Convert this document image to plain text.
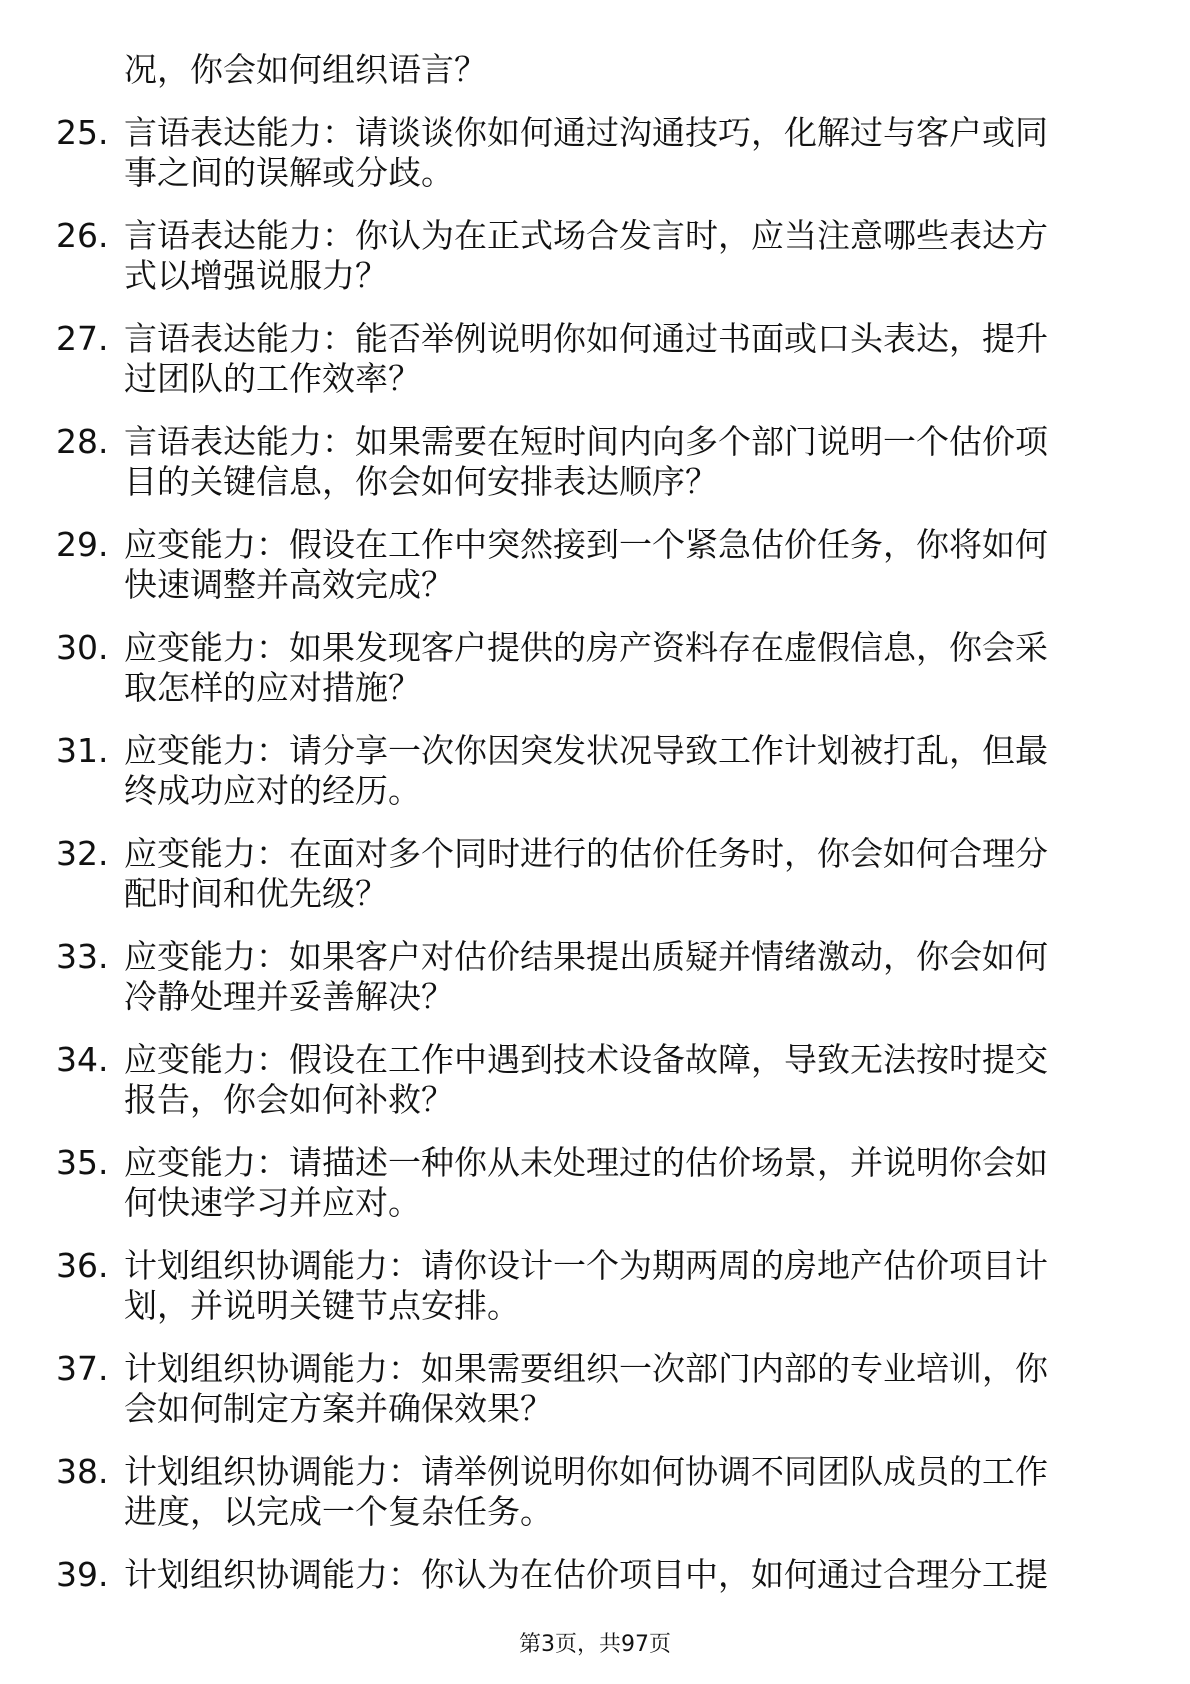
况，你会如何组织语言？
25. 言语表达能力：请谈谈你如何通过沟通技巧，化解过与客户或同
事之间的误解或分歧。
26. 言语表达能力：你认为在正式场合发言时，应当注意哪些表达方
式以增强说服力？
27. 言语表达能力：能否举例说明你如何通过书面或口头表达，提升
过团队的工作效率？
28. 言语表达能力：如果需要在短时间内向多个部门说明一个估价项
目的关键信息，你会如何安排表达顺序？
29. 应变能力：假设在工作中突然接到一个紧急估价任务，你将如何
快速调整并高效完成？
30. 应变能力：如果发现客户提供的房产资料存在虚假信息，你会采
取怎样的应对措施？
31. 应变能力：请分享一次你因突发状况导致工作计划被打乱，但最
终成功应对的经历。
32. 应变能力：在面对多个同时进行的估价任务时，你会如何合理分
配时间和优先级？
33. 应变能力：如果客户对估价结果提出质疑并情绪激动，你会如何
冷静处理并妥善解决？
34. 应变能力：假设在工作中遇到技术设备故障，导致无法按时提交
报告，你会如何补救？
35. 应变能力：请描述一种你从未处理过的估价场景，并说明你会如
何快速学习并应对。
36. 计划组织协调能力：请你设计一个为期两周的房地产估价项目计
划，并说明关键节点安排。
37. 计划组织协调能力：如果需要组织一次部门内部的专业培训，你
会如何制定方案并确保效果？
38. 计划组织协调能力：请举例说明你如何协调不同团队成员的工作
进度，以完成一个复杂任务。
39. 计划组织协调能力：你认为在估价项目中，如何通过合理分工提
第3页，共97页
